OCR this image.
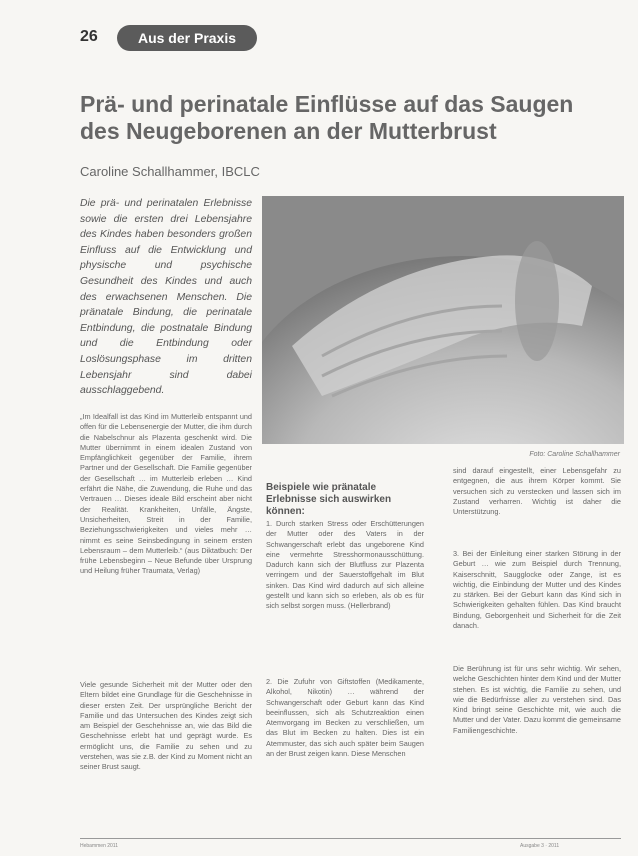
26	Aus der Praxis
Prä- und perinatale Einflüsse auf das Saugen des Neugeborenen an der Mutterbrust
Caroline Schallhammer, IBCLC

Die prä- und perinatalen Erlebnisse sowie die ersten drei Lebensjahre des Kindes haben besonders großen Einfluss auf die Entwicklung und physische und psychische Gesundheit des Kindes und auch des erwachsenen Menschen. Die pränatale Bindung, die perinatale Entbindung, die postnatale Bindung und die Entbindung oder Loslösungsphase im dritten Lebensjahr sind dabei ausschlaggebend.

Foto: Caroline Schallhammer

„Im Idealfall ist das Kind im Mutterleib entspannt und offen für die Lebensenergie der Mutter, die ihm durch die Nabelschnur als Plazenta geschenkt wird. Die Mutter übernimmt in einem idealen Zustand von Empfänglichkeit gegenüber der Familie, ihrem Partner und der Gesellschaft. Die Familie gegenüber der Gesellschaft … im Mutterleib erleben … Kind erfährt die Nähe, die Zuwendung, die Ruhe und das Vertrauen … Dieses ideale Bild erscheint aber nicht der Realität. Krankheiten, Unfälle, Ängste, Unsicherheiten, Streit in der Familie, Beziehungsschwierigkeiten und vieles mehr … nimmt es seine Seinsbedingung in seinem ersten Lebensraum – dem Mutterleib.“ (aus Diktatbuch: Der frühe Lebensbeginn – Neue Befunde über Ursprung und Heilung früher Traumata, Verlag)

Viele gesunde Sicherheit mit der Mutter oder den Eltern bildet eine Grundlage für die Geschehnisse in dieser ersten Zeit. Der ursprüngliche Bericht der Familie und das Untersuchen des Kindes zeigt sich am Beispiel der Geschehnisse an, wie das Bild die Geschehnisse erlebt hat und geprägt wurde. Es ermöglicht uns, die Familie zu sehen und zu verstehen, was sie z.B. der Kind zu Moment nicht an seiner Brust saugt.

Beispiele wie pränatale Erlebnisse sich auswirken können:

1. Durch starken Stress oder Erschütterungen der Mutter oder des Vaters in der Schwangerschaft erlebt das ungeborene Kind eine vermehrte Stresshormonausschüttung. Dadurch kann sich der Blutfluss zur Plazenta verringern und der Sauerstoffgehalt im Blut sinken. Das Kind wird dadurch auf sich alleine gestellt und kann sich so erleben, als ob es für sich selbst sorgen muss. (Hellerbrand)

2. Die Zufuhr von Giftstoffen (Medikamente, Alkohol, Nikotin) … während der Schwangerschaft oder Geburt kann das Kind beeinflussen, sich als Schutzreaktion einen Atemvorgang im Becken zu verschließen, um das Blut im Becken zu halten. Dies ist ein Atemmuster, das sich auch später beim Saugen an der Brust zeigen kann. Diese Menschen

sind darauf eingestellt, einer Lebensgefahr zu entgegnen, die aus ihrem Körper kommt. Sie versuchen sich zu verstecken und lassen sich im Zustand verharren. Wichtig ist daher die Unterstützung.

3. Bei der Einleitung einer starken Störung in der Geburt … wie zum Beispiel durch Trennung, Kaiserschnitt, Saugglocke oder Zange, ist es wichtig, die Einbindung der Mutter und des Kindes zu stärken. Bei der Geburt kann das Kind sich in Schwierigkeiten gehalten fühlen. Das Kind braucht Bindung, Geborgenheit und Sicherheit für die Zeit danach.

Die Berührung ist für uns sehr wichtig. Wir sehen, welche Geschichten hinter dem Kind und der Mutter stehen. Es ist wichtig, die Familie zu sehen, und wie die Bedürfnisse aller zu verstehen sind. Das Kind bringt seine Geschichte mit, wie auch die Mutter und der Vater. Dazu kommt die gemeinsame Familiengeschichte.

Hebammen 2011	Ausgabe 3 · 2011
